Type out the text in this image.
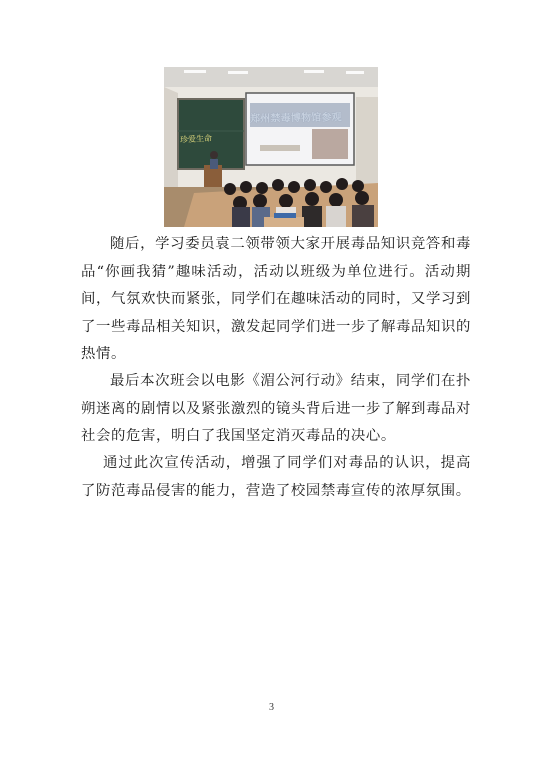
郑州禁毒博物馆参观
珍爱生命

随后，学习委员袁二领带领大家开展毒品知识竞答和毒品“你画我猜”趣味活动，活动以班级为单位进行。活动期间，气氛欢快而紧张，同学们在趣味活动的同时，又学习到了一些毒品相关知识，激发起同学们进一步了解毒品知识的热情。

最后本次班会以电影《湄公河行动》结束，同学们在扑朔迷离的剧情以及紧张激烈的镜头背后进一步了解到毒品对社会的危害，明白了我国坚定消灭毒品的决心。

通过此次宣传活动，增强了同学们对毒品的认识，提高了防范毒品侵害的能力，营造了校园禁毒宣传的浓厚氛围。

3
